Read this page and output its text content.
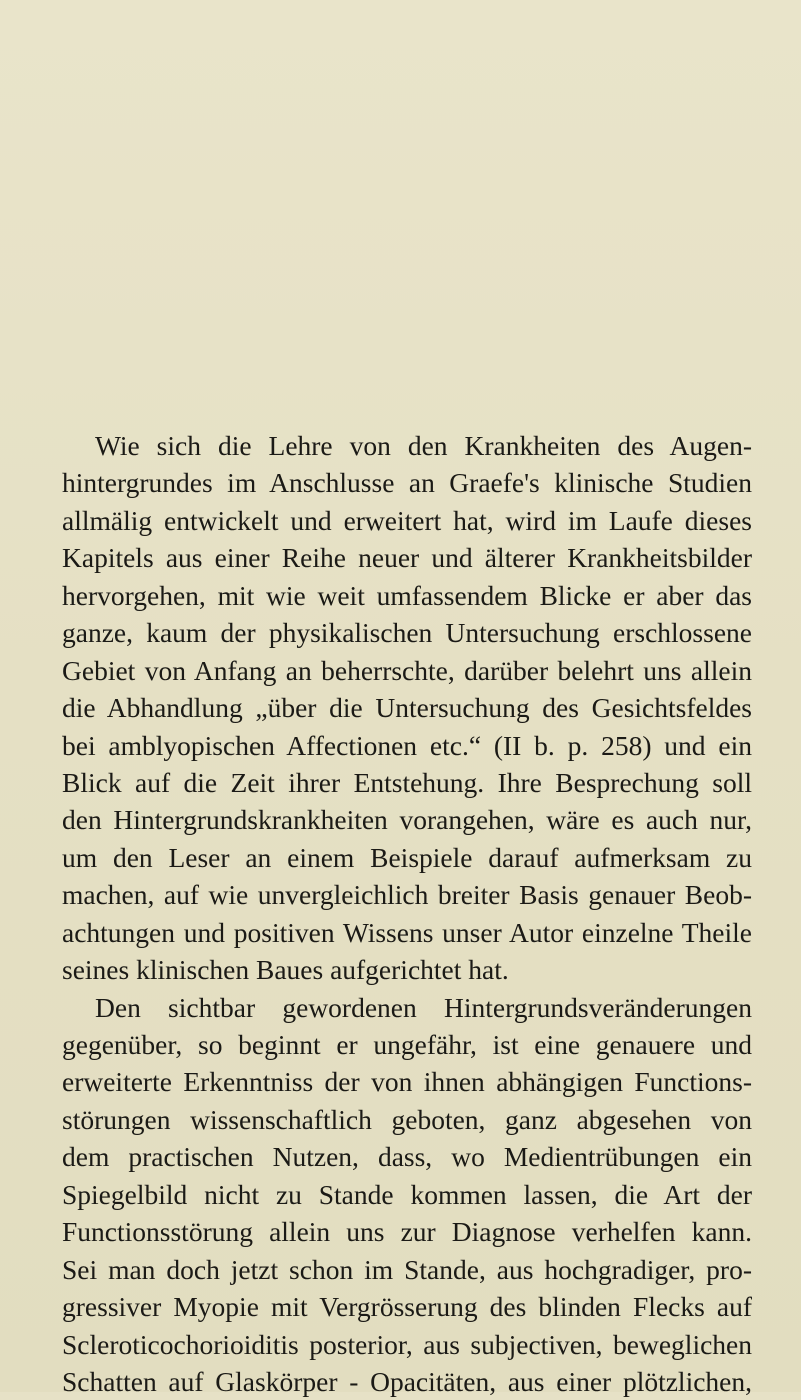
Wie sich die Lehre von den Krankheiten des Augen-
hintergrundes im Anschlusse an Graefe's klinische Studien
allmälig entwickelt und erweitert hat, wird im Laufe dieses
Kapitels aus einer Reihe neuer und älterer Krankheitsbilder
hervorgehen, mit wie weit umfassendem Blicke er aber das
ganze, kaum der physikalischen Untersuchung erschlossene
Gebiet von Anfang an beherrschte, darüber belehrt uns allein
die Abhandlung „über die Untersuchung des Gesichtsfeldes
bei amblyopischen Affectionen etc.“ (II b. p. 258) und ein
Blick auf die Zeit ihrer Entstehung. Ihre Besprechung soll
den Hintergrundskrankheiten vorangehen, wäre es auch nur,
um den Leser an einem Beispiele darauf aufmerksam zu
machen, auf wie unvergleichlich breiter Basis genauer Beob-
achtungen und positiven Wissens unser Autor einzelne Theile
seines klinischen Baues aufgerichtet hat.
Den sichtbar gewordenen Hintergrundsveränderungen
gegenüber, so beginnt er ungefähr, ist eine genauere und
erweiterte Erkenntniss der von ihnen abhängigen Functions-
störungen wissenschaftlich geboten, ganz abgesehen von
dem practischen Nutzen, dass, wo Medientrübungen ein
Spiegelbild nicht zu Stande kommen lassen, die Art der
Functionsstörung allein uns zur Diagnose verhelfen kann.
Sei man doch jetzt schon im Stande, aus hochgradiger, pro-
gressiver Myopie mit Vergrösserung des blinden Flecks auf
Scleroticochorioiditis posterior, aus subjectiven, beweglichen
Schatten auf Glaskörper - Opacitäten, aus einer plötzlichen,
